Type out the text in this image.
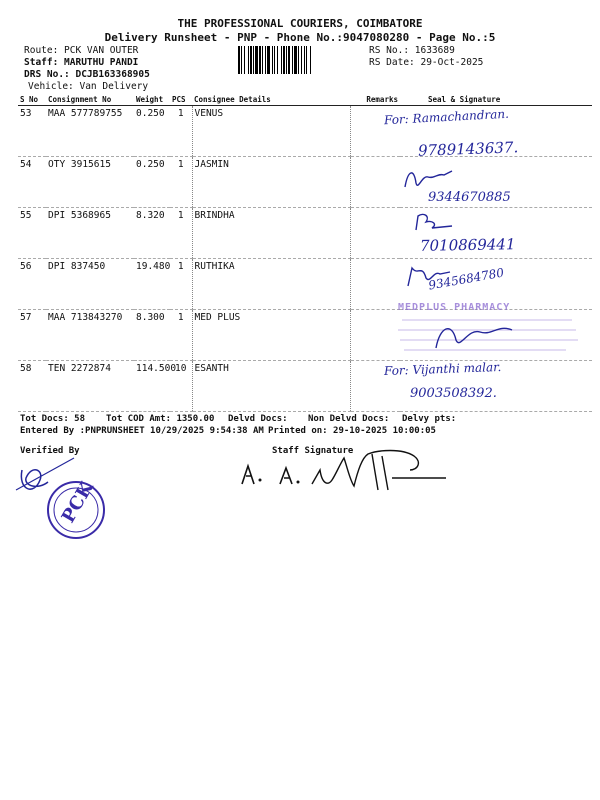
THE PROFESSIONAL COURIERS, COIMBATORE
Delivery Runsheet - PNP - Phone No.:9047080280 - Page No.:5
Route: PCK VAN OUTER
Staff: MARUTHU PANDI
DRS No.: DCJB163368905
Vehicle: Van Delivery
RS No.: 1633689
RS Date: 29-Oct-2025
S No	Consignment No	Weight	PCS	Consignee Details	Remarks	Seal & Signature
53	MAA 577789755	0.250	1	VENUS		
54	OTY 3915615	0.250	1	JASMIN		
55	DPI 5368965	8.320	1	BRINDHA		
56	DPI 837450	19.480	1	RUTHIKA		
57	MAA 713843270	8.300	1	MED PLUS		
58	TEN 2272874	114.500	10	ESANTH		
For: Ramachandran.
9789143637.
9344670885
7010869441
9345684780
MEDPLUS PHARMACY
For: Vijanthi malar.
9003508392.
Tot Docs: 58 Tot COD Amt: 1350.00 Delvd Docs: Non Delvd Docs: Delvy pts:
Entered By :PNPRUNSHEET 10/29/2025 9:54:38 AM Printed on: 29-10-2025 10:00:05
Verified By	Staff Signature
PCK
